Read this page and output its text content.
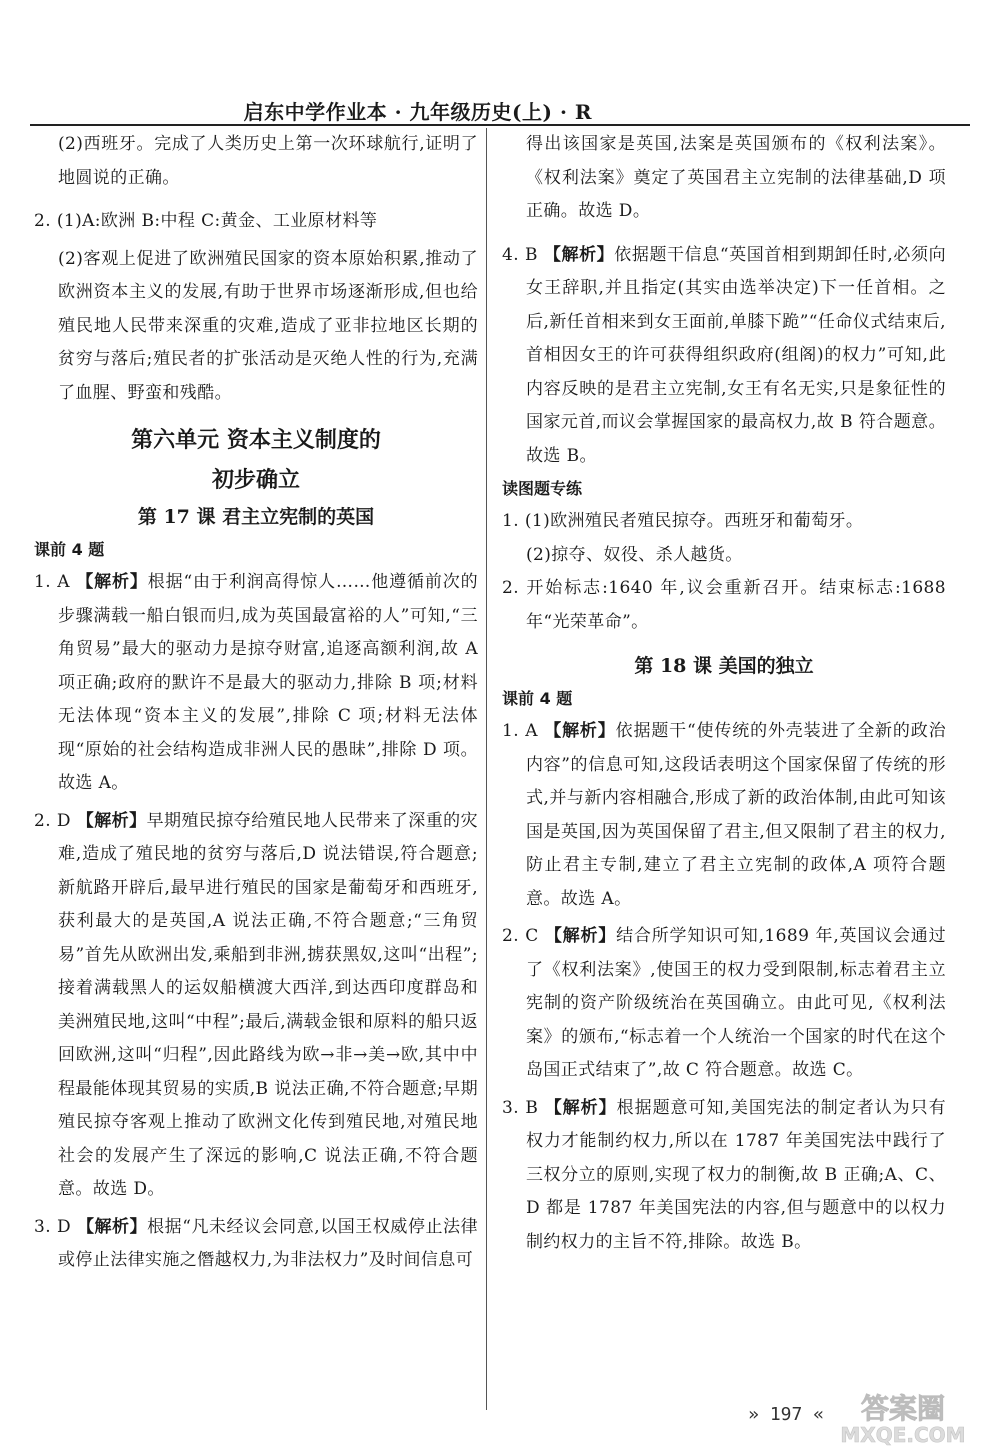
启东中学作业本 · 九年级历史(上) · R

(2)西班牙。完成了人类历史上第一次环球航行,证明了地圆说的正确。

2. (1)A:欧洲 B:中程 C:黄金、工业原材料等

(2)客观上促进了欧洲殖民国家的资本原始积累,推动了欧洲资本主义的发展,有助于世界市场逐渐形成,但也给殖民地人民带来深重的灾难,造成了亚非拉地区长期的贫穷与落后;殖民者的扩张活动是灭绝人性的行为,充满了血腥、野蛮和残酷。

第六单元 资本主义制度的
初步确立
第 17 课 君主立宪制的英国
课前 4 题

1. A 【解析】根据“由于利润高得惊人……他遵循前次的步骤满载一船白银而归,成为英国最富裕的人”可知,“三角贸易”最大的驱动力是掠夺财富,追逐高额利润,故 A 项正确;政府的默许不是最大的驱动力,排除 B 项;材料无法体现“资本主义的发展”,排除 C 项;材料无法体现“原始的社会结构造成非洲人民的愚昧”,排除 D 项。故选 A。

2. D 【解析】早期殖民掠夺给殖民地人民带来了深重的灾难,造成了殖民地的贫穷与落后,D 说法错误,符合题意;新航路开辟后,最早进行殖民的国家是葡萄牙和西班牙,获利最大的是英国,A 说法正确,不符合题意;“三角贸易”首先从欧洲出发,乘船到非洲,掳获黑奴,这叫“出程”;接着满载黑人的运奴船横渡大西洋,到达西印度群岛和美洲殖民地,这叫“中程”;最后,满载金银和原料的船只返回欧洲,这叫“归程”,因此路线为欧→非→美→欧,其中中程最能体现其贸易的实质,B 说法正确,不符合题意;早期殖民掠夺客观上推动了欧洲文化传到殖民地,对殖民地社会的发展产生了深远的影响,C 说法正确,不符合题意。故选 D。

3. D 【解析】根据“凡未经议会同意,以国王权威停止法律或停止法律实施之僭越权力,为非法权力”及时间信息可

得出该国家是英国,法案是英国颁布的《权利法案》。《权利法案》奠定了英国君主立宪制的法律基础,D 项正确。故选 D。

4. B 【解析】依据题干信息“英国首相到期卸任时,必须向女王辞职,并且指定(其实由选举决定)下一任首相。之后,新任首相来到女王面前,单膝下跪”“任命仪式结束后,首相因女王的许可获得组织政府(组阁)的权力”可知,此内容反映的是君主立宪制,女王有名无实,只是象征性的国家元首,而议会掌握国家的最高权力,故 B 符合题意。故选 B。

读图题专练

1. (1)欧洲殖民者殖民掠夺。西班牙和葡萄牙。

(2)掠夺、奴役、杀人越货。

2. 开始标志:1640 年,议会重新召开。结束标志:1688 年“光荣革命”。

第 18 课 美国的独立
课前 4 题

1. A 【解析】依据题干“使传统的外壳装进了全新的政治内容”的信息可知,这段话表明这个国家保留了传统的形式,并与新内容相融合,形成了新的政治体制,由此可知该国是英国,因为英国保留了君主,但又限制了君主的权力,防止君主专制,建立了君主立宪制的政体,A 项符合题意。故选 A。

2. C 【解析】结合所学知识可知,1689 年,英国议会通过了《权利法案》,使国王的权力受到限制,标志着君主立宪制的资产阶级统治在英国确立。由此可见,《权利法案》的颁布,“标志着一个人统治一个国家的时代在这个岛国正式结束了”,故 C 符合题意。故选 C。

3. B 【解析】根据题意可知,美国宪法的制定者认为只有权力才能制约权力,所以在 1787 年美国宪法中践行了三权分立的原则,实现了权力的制衡,故 B 正确;A、C、D 都是 1787 年美国宪法的内容,但与题意中的以权力制约权力的主旨不符,排除。故选 B。

» 197 « 答案圈
MXQE.COM
